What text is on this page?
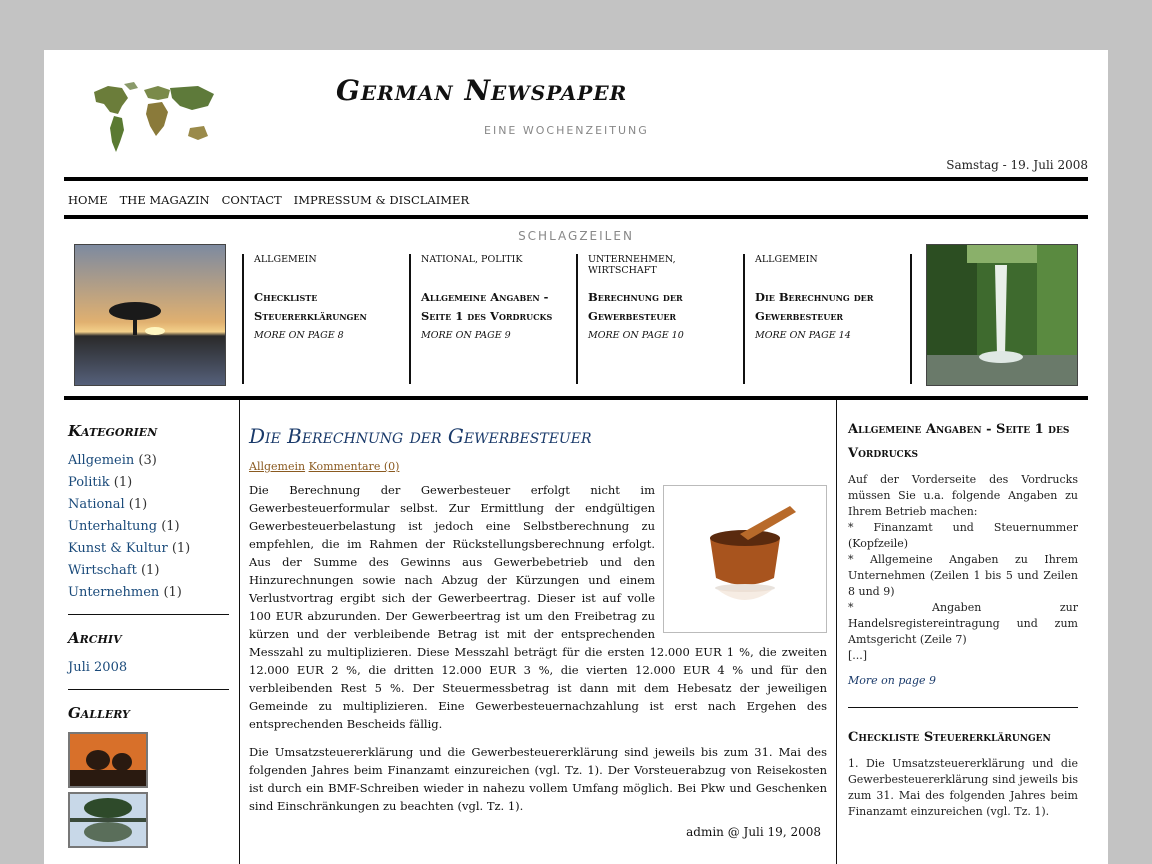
German Newspaper
EINE WOCHENZEITUNG
Samstag - 19. Juli 2008
HOME THE MAGAZIN CONTACT IMPRESSUM & DISCLAIMER
SCHLAGZEILEN
ALLGEMEIN
Checkliste Steuererklärungen
MORE ON PAGE 8
NATIONAL, POLITIK
Allgemeine Angaben - Seite 1 des Vordrucks
MORE ON PAGE 9
UNTERNEHMEN, WIRTSCHAFT
Berechnung der Gewerbesteuer
MORE ON PAGE 10
ALLGEMEIN
Die Berechnung der Gewerbesteuer
MORE ON PAGE 14
Kategorien
Allgemein (3)
Politik (1)
National (1)
Unterhaltung (1)
Kunst & Kultur (1)
Wirtschaft (1)
Unternehmen (1)
Archiv
Juli 2008
Gallery
Die Berechnung der Gewerbesteuer
Allgemein Kommentare (0)
Die Berechnung der Gewerbesteuer erfolgt nicht im Gewerbesteuerformular selbst. Zur Ermittlung der endgültigen Gewerbesteuerbelastung ist jedoch eine Selbstberechnung zu empfehlen, die im Rahmen der Rückstellungsberechnung erfolgt. Aus der Summe des Gewinns aus Gewerbebetrieb und den Hinzurechnungen sowie nach Abzug der Kürzungen und einem Verlustvortrag ergibt sich der Gewerbeertrag. Dieser ist auf volle 100 EUR abzurunden. Der Gewerbeertrag ist um den Freibetrag zu kürzen und der verbleibende Betrag ist mit der entsprechenden Messzahl zu multiplizieren. Diese Messzahl beträgt für die ersten 12.000 EUR 1 %, die zweiten 12.000 EUR 2 %, die dritten 12.000 EUR 3 %, die vierten 12.000 EUR 4 % und für den verbleibenden Rest 5 %. Der Steuermessbetrag ist dann mit dem Hebesatz der jeweiligen Gemeinde zu multiplizieren. Eine Gewerbesteuernachzahlung ist erst nach Ergehen des entsprechenden Bescheids fällig.
Die Umsatzsteuererklärung und die Gewerbesteuererklärung sind jeweils bis zum 31. Mai des folgenden Jahres beim Finanzamt einzureichen (vgl. Tz. 1). Der Vorsteuerabzug von Reisekosten ist durch ein BMF-Schreiben wieder in nahezu vollem Umfang möglich. Bei Pkw und Geschenken sind Einschränkungen zu beachten (vgl. Tz. 1).
admin @ Juli 19, 2008
Allgemeine Angaben - Seite 1 des Vordrucks
Auf der Vorderseite des Vordrucks müssen Sie u.a. folgende Angaben zu Ihrem Betrieb machen:
* Finanzamt und Steuernummer (Kopfzeile)
* Allgemeine Angaben zu Ihrem Unternehmen (Zeilen 1 bis 5 und Zeilen 8 und 9)
* Angaben zur Handelsregistereintragung und zum Amtsgericht (Zeile 7)
[...]
More on page 9
Checkliste Steuererklärungen
1. Die Umsatzsteuererklärung und die Gewerbesteuererklärung sind jeweils bis zum 31. Mai des folgenden Jahres beim Finanzamt einzureichen (vgl. Tz. 1).
